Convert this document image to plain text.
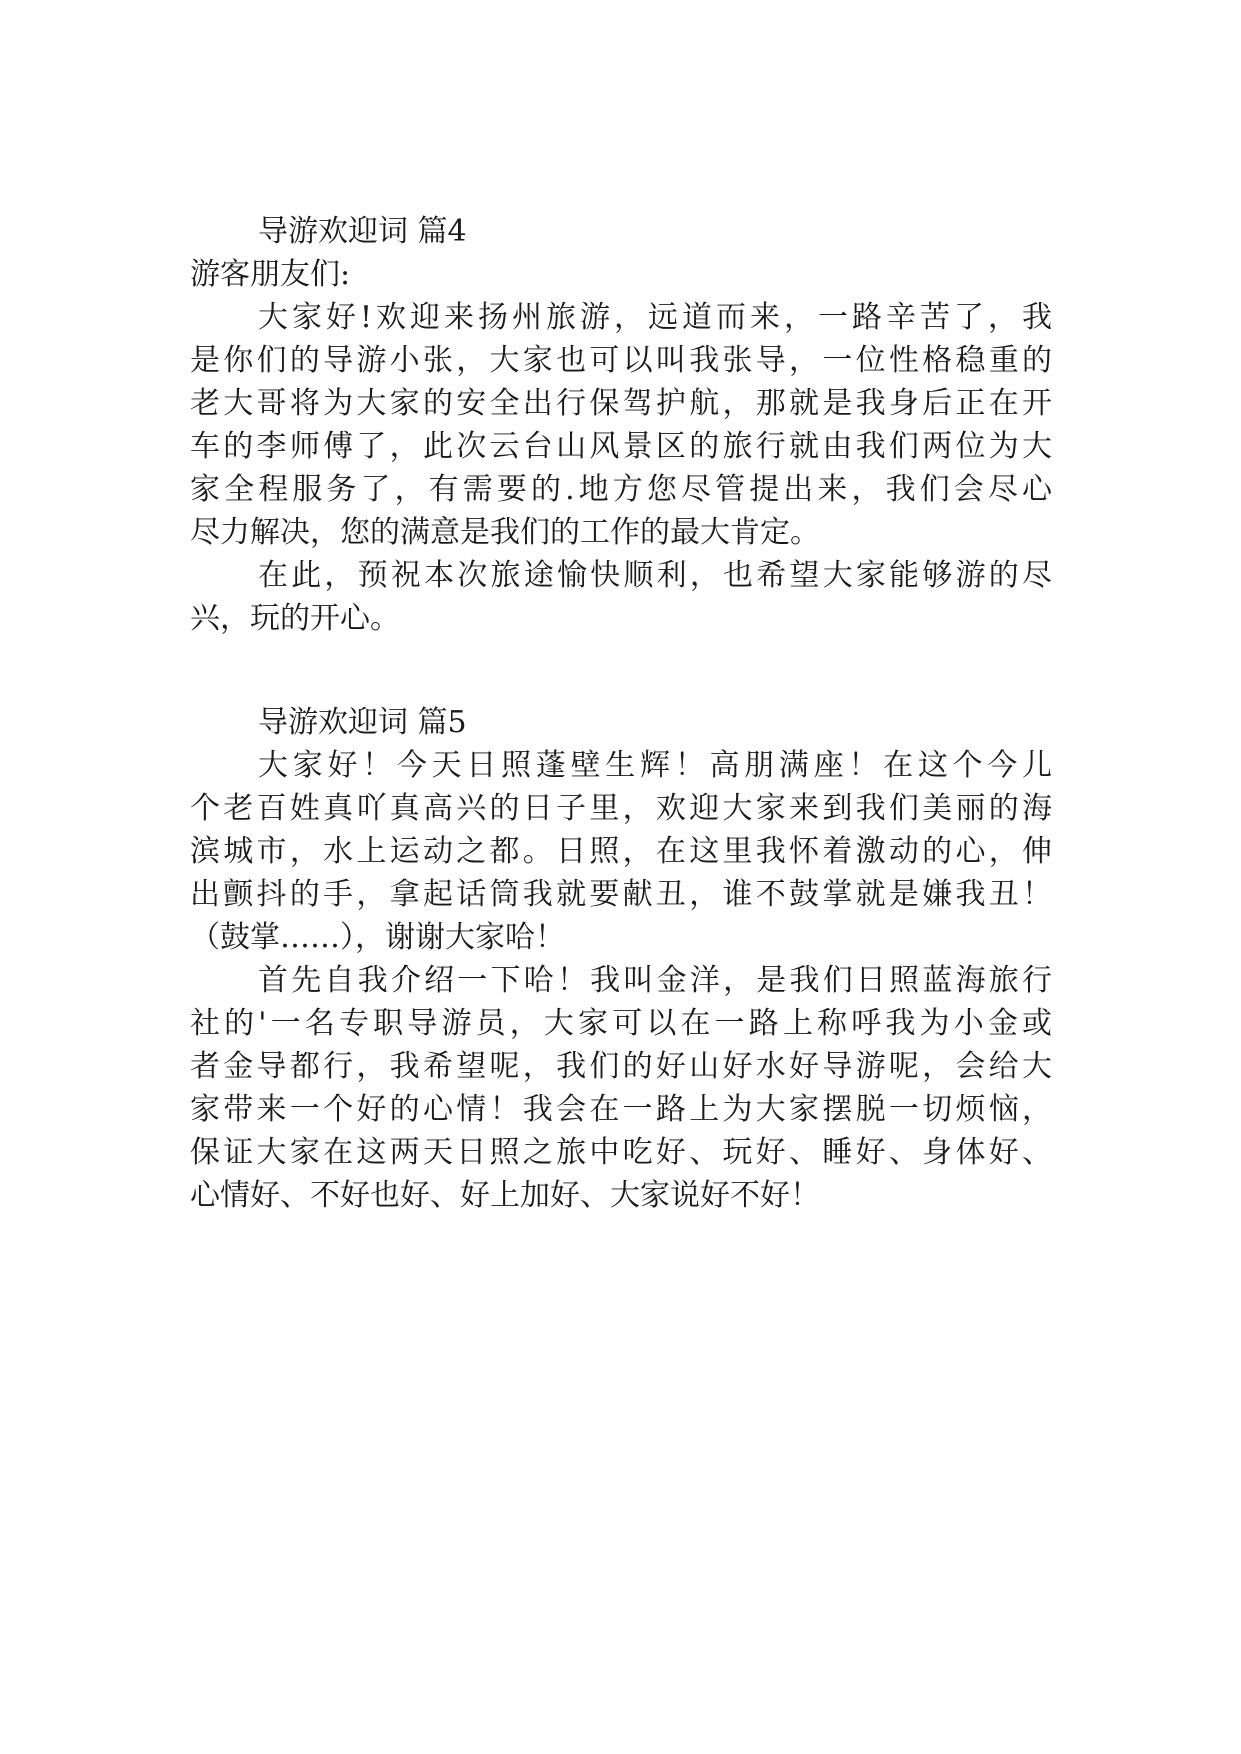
导游欢迎词 篇4

游客朋友们:

大家好!欢迎来扬州旅游，远道而来，一路辛苦了，我

是你们的导游小张，大家也可以叫我张导，一位性格稳重的

老大哥将为大家的安全出行保驾护航，那就是我身后正在开

车的李师傅了，此次云台山风景区的旅行就由我们两位为大

家全程服务了，有需要的.地方您尽管提出来，我们会尽心

尽力解决，您的满意是我们的工作的最大肯定。

在此，预祝本次旅途愉快顺利，也希望大家能够游的尽

兴，玩的开心。

导游欢迎词 篇5

大家好！今天日照蓬壁生辉！高朋满座！在这个今儿

个老百姓真吖真高兴的日子里，欢迎大家来到我们美丽的海

滨城市，水上运动之都。日照，在这里我怀着激动的心，伸

出颤抖的手，拿起话筒我就要献丑，谁不鼓掌就是嫌我丑！

（鼓掌……），谢谢大家哈！

首先自我介绍一下哈！我叫金洋，是我们日照蓝海旅行

社的'一名专职导游员，大家可以在一路上称呼我为小金或

者金导都行，我希望呢，我们的好山好水好导游呢，会给大

家带来一个好的心情！我会在一路上为大家摆脱一切烦恼，

保证大家在这两天日照之旅中吃好、玩好、睡好、身体好、

心情好、不好也好、好上加好、大家说好不好！
